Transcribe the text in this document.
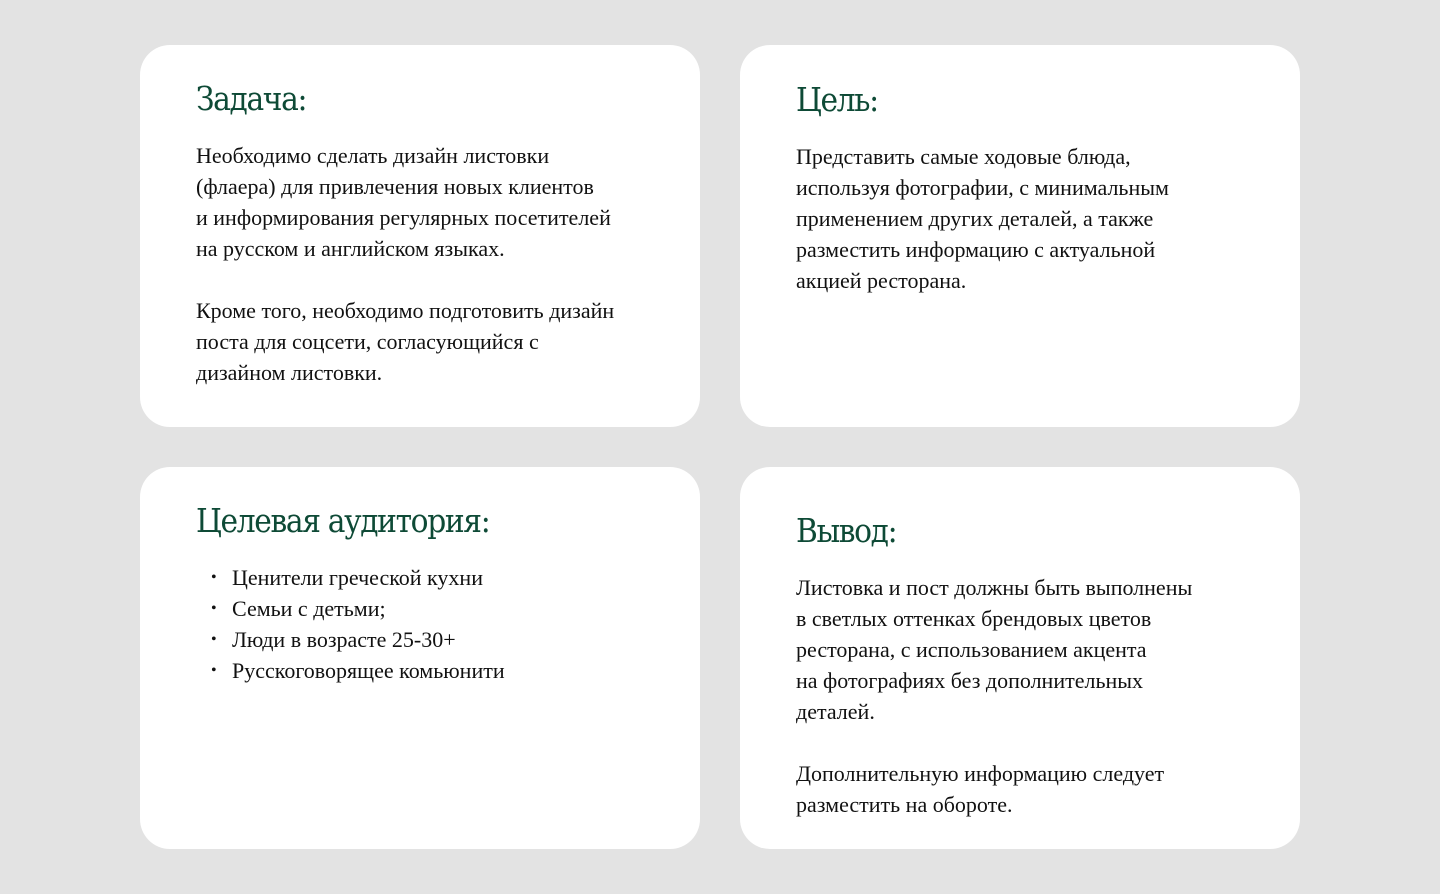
Задача:

Необходимо сделать дизайн листовки
(флаера) для привлечения новых клиентов
и информирования регулярных посетителей
на русском и английском языках.

Кроме того, необходимо подготовить дизайн
поста для соцсети, согласующийся с
дизайном листовки.

Цель:

Представить самые ходовые блюда,
используя фотографии, с минимальным
применением других деталей, а также
разместить информацию с актуальной
акцией ресторана.

Целевая аудитория:
• Ценители греческой кухни
• Семьи с детьми;
• Люди в возрасте 25-30+
• Русскоговорящее комьюнити
Вывод:

Листовка и пост должны быть выполнены
в светлых оттенках брендовых цветов
ресторана, с использованием акцента
на фотографиях без дополнительных
деталей.

Дополнительную информацию следует
разместить на обороте.
